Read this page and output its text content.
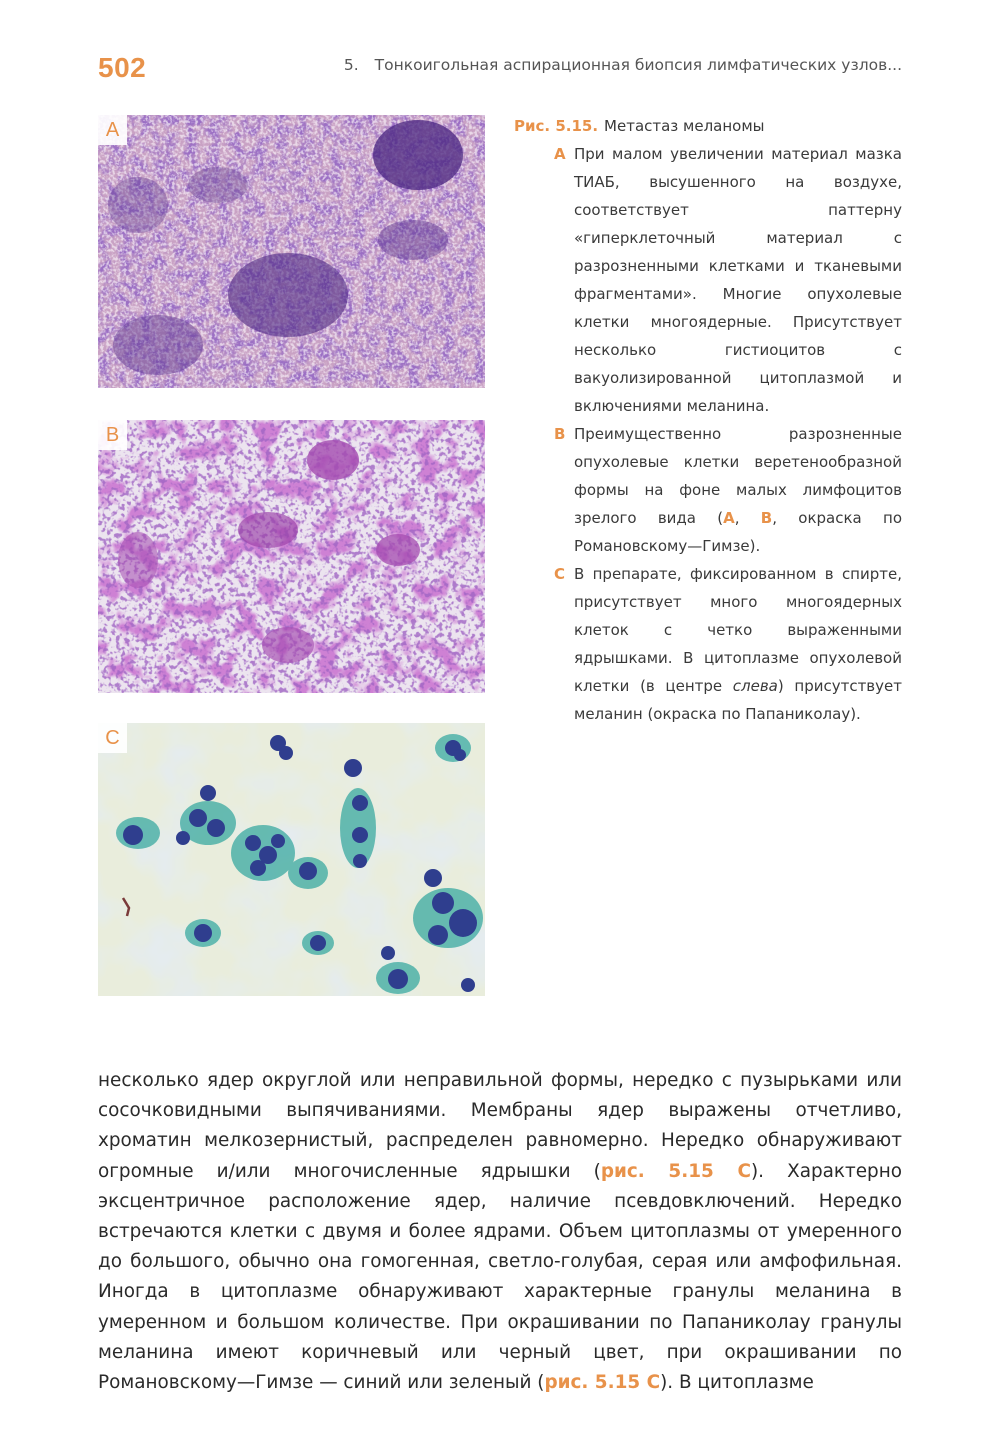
502	5. Тонкоигольная аспирационная биопсия лимфатических узлов...
A
B
C

Рис. 5.15. Метастаз меланомы

A При малом увеличении материал мазка ТИАБ, высушенного на воздухе, соответствует паттерну «гиперклеточный материал с разрозненными клетками и тканевыми фрагментами». Многие опухолевые клетки многоядерные. Присутствует несколько гистиоцитов с вакуолизированной цитоплазмой и включениями меланина.

B Преимущественно разрозненные опухолевые клетки веретенообразной формы на фоне малых лимфоцитов зрелого вида (A, B, окраска по Романовскому—Гимзе).

C В препарате, фиксированном в спирте, присутствует много многоядерных клеток с четко выраженными ядрышками. В цитоплазме опухолевой клетки (в центре слева) присутствует меланин (окраска по Папаниколау).

несколько ядер округлой или неправильной формы, нередко с пузырьками или сосочковидными выпячиваниями. Мембраны ядер выражены отчетливо, хроматин мелкозернистый, распределен равномерно. Нередко обнаруживают огромные и/или многочисленные ядрышки (рис. 5.15 C). Характерно эксцентричное расположение ядер, наличие псевдовключений. Нередко встречаются клетки с двумя и более ядрами. Объем цитоплазмы от умеренного до большого, обычно она гомогенная, светло-голубая, серая или амфофильная. Иногда в цитоплазме обнаруживают характерные гранулы меланина в умеренном и большом количестве. При окрашивании по Папаниколау гранулы меланина имеют коричневый или черный цвет, при окрашивании по Романовскому—Гимзе — синий или зеленый (рис. 5.15 C). В цитоплазме
